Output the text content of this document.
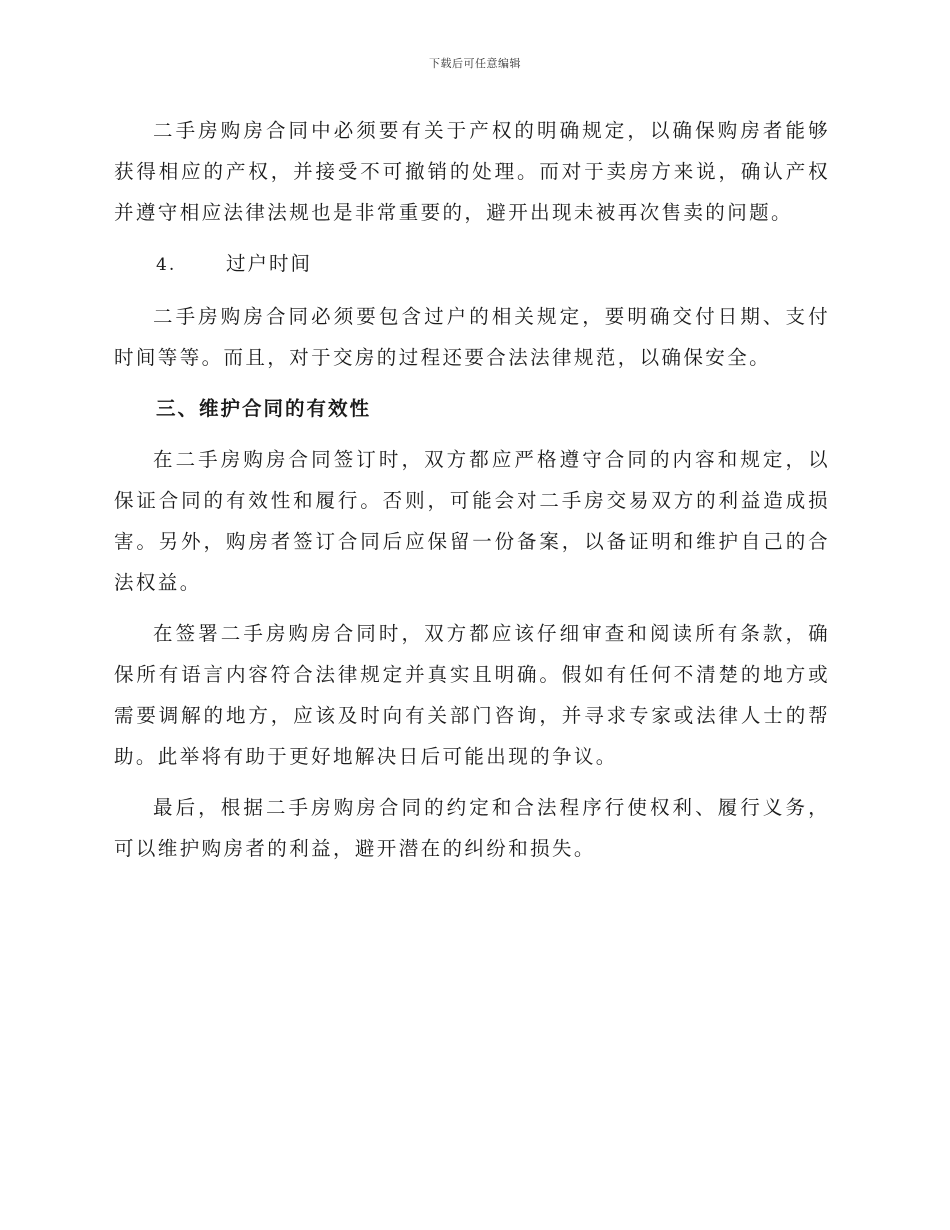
下载后可任意编辑

二手房购房合同中必须要有关于产权的明确规定，以确保购房者能够获得相应的产权，并接受不可撤销的处理。而对于卖房方来说，确认产权并遵守相应法律法规也是非常重要的，避开出现未被再次售卖的问题。

4.	过户时间

二手房购房合同必须要包含过户的相关规定，要明确交付日期、支付时间等等。而且，对于交房的过程还要合法法律规范，以确保安全。

三、维护合同的有效性

在二手房购房合同签订时，双方都应严格遵守合同的内容和规定，以保证合同的有效性和履行。否则，可能会对二手房交易双方的利益造成损害。另外，购房者签订合同后应保留一份备案，以备证明和维护自己的合法权益。

在签署二手房购房合同时，双方都应该仔细审查和阅读所有条款，确保所有语言内容符合法律规定并真实且明确。假如有任何不清楚的地方或需要调解的地方，应该及时向有关部门咨询，并寻求专家或法律人士的帮助。此举将有助于更好地解决日后可能出现的争议。

最后，根据二手房购房合同的约定和合法程序行使权利、履行义务，可以维护购房者的利益，避开潜在的纠纷和损失。
